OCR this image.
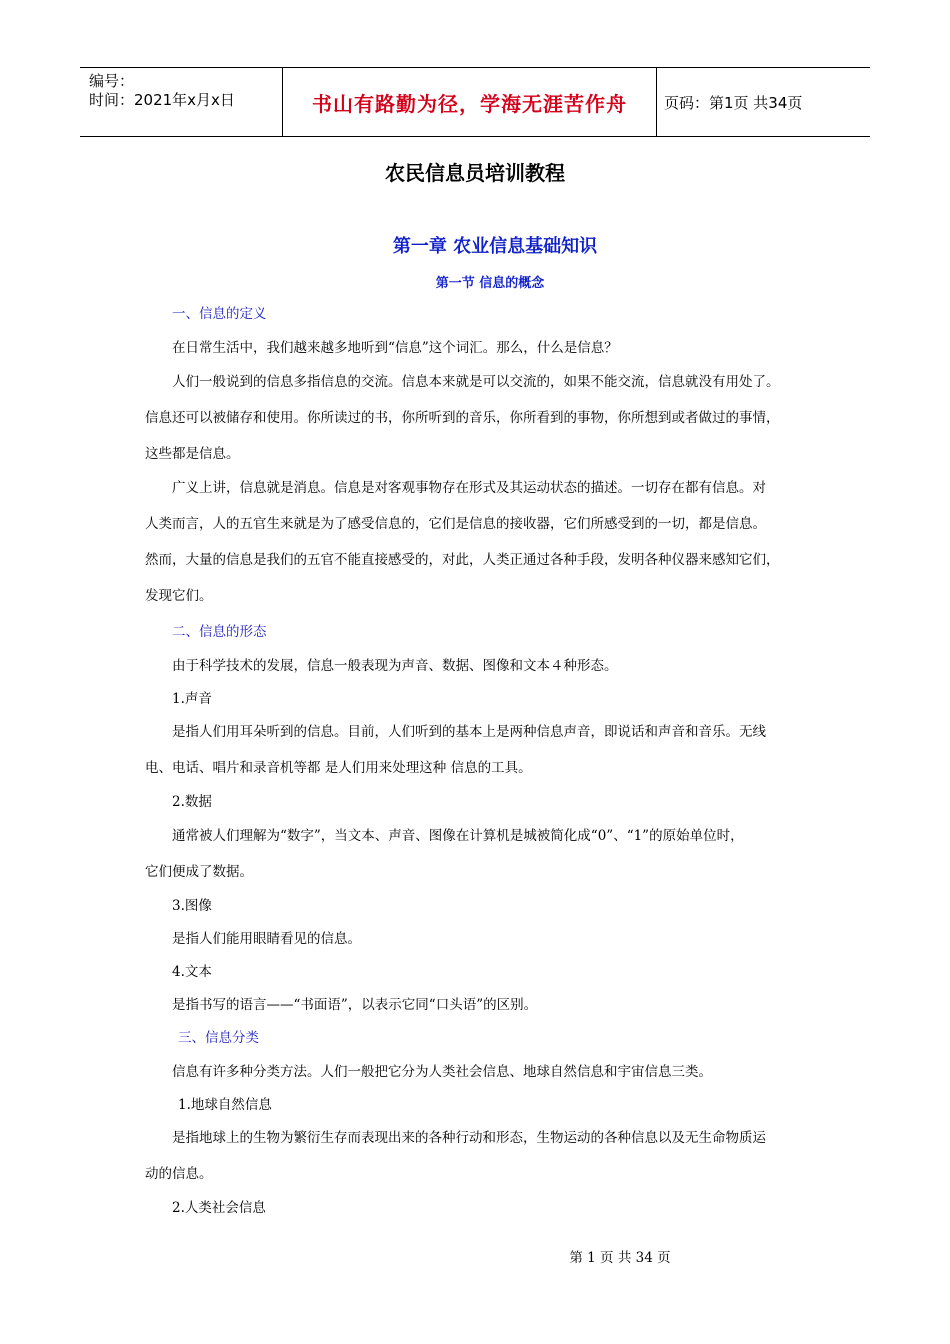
编号：
时间：2021年x月x日	书山有路勤为径，学海无涯苦作舟	页码：第1页 共34页
农民信息员培训教程
第一章 农业信息基础知识
第一节 信息的概念
一、信息的定义
在日常生活中，我们越来越多地听到“信息”这个词汇。那么，什么是信息？
人们一般说到的信息多指信息的交流。信息本来就是可以交流的，如果不能交流，信息就没有用处了。
信息还可以被储存和使用。你所读过的书，你所听到的音乐，你所看到的事物，你所想到或者做过的事情，
这些都是信息。
广义上讲，信息就是消息。信息是对客观事物存在形式及其运动状态的描述。一切存在都有信息。对
人类而言，人的五官生来就是为了感受信息的，它们是信息的接收器，它们所感受到的一切，都是信息。
然而，大量的信息是我们的五官不能直接感受的，对此，人类正通过各种手段，发明各种仪器来感知它们，
发现它们。
二、信息的形态
由于科学技术的发展，信息一般表现为声音、数据、图像和文本４种形态。
1.声音
是指人们用耳朵听到的信息。目前，人们听到的基本上是两种信息声音，即说话和声音和音乐。无线
电、电话、唱片和录音机等都 是人们用来处理这种 信息的工具。
2.数据
通常被人们理解为“数字”，当文本、声音、图像在计算机是城被简化成“0”、“1”的原始单位时，
它们便成了数据。
3.图像
是指人们能用眼睛看见的信息。
4.文本
是指书写的语言——“书面语”，以表示它同“口头语”的区别。
三、信息分类
信息有许多种分类方法。人们一般把它分为人类社会信息、地球自然信息和宇宙信息三类。
1.地球自然信息
是指地球上的生物为繁衍生存而表现出来的各种行动和形态，生物运动的各种信息以及无生命物质运
动的信息。
2.人类社会信息
第 1 页 共 34 页
